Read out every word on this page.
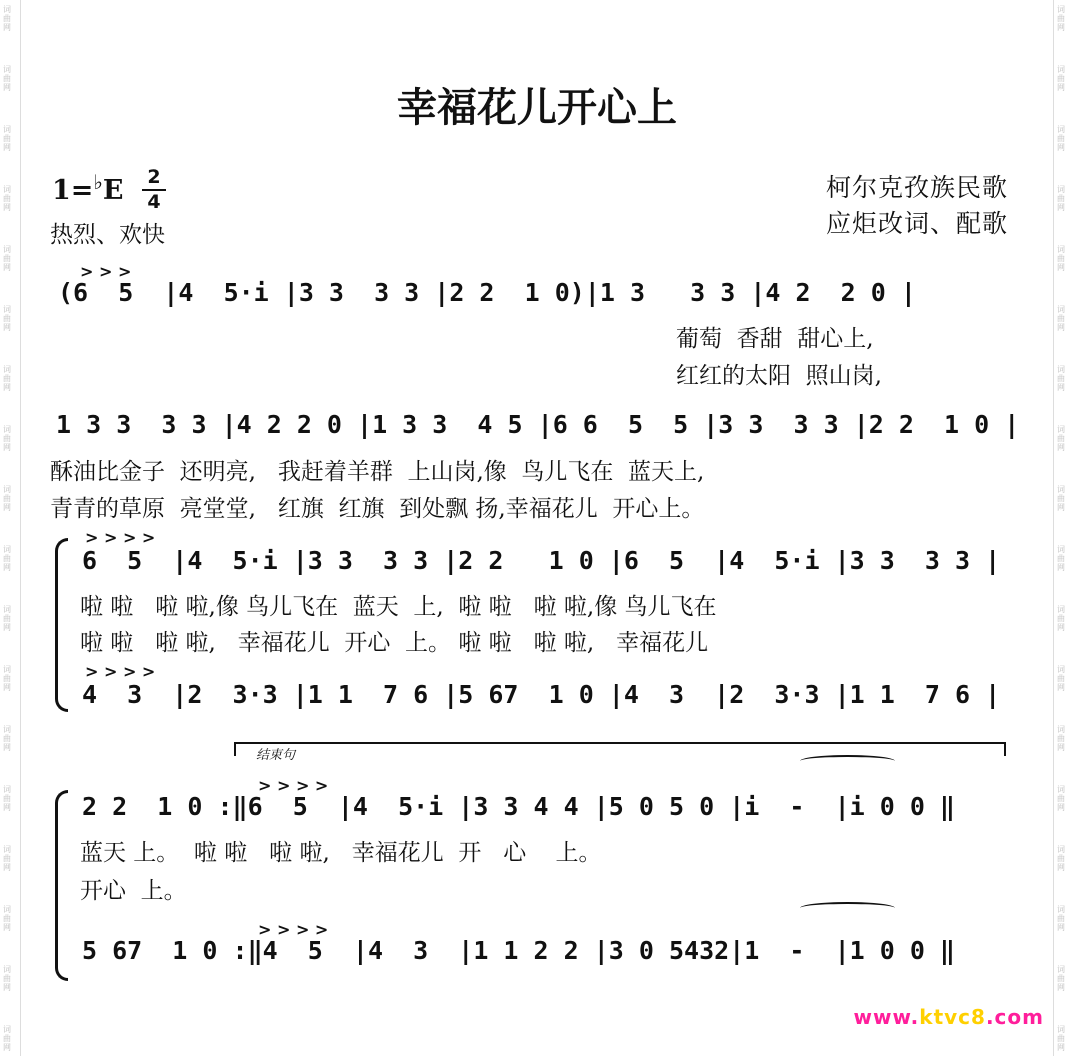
词曲网
词曲网
词曲网
词曲网
词曲网
词曲网
词曲网
词曲网
词曲网
词曲网
词曲网
词曲网
词曲网
词曲网
词曲网
词曲网
词曲网
词曲网
词曲网
词曲网
词曲网
词曲网
词曲网
词曲网
词曲网
词曲网
词曲网
词曲网
词曲网
词曲网
词曲网
词曲网
词曲网
词曲网
词曲网
词曲网
幸福花儿开心上
1=♭E 2
4
热烈、欢快
柯尔克孜族民歌
应炬改词、配歌
> > >
(6  5  |4  5·i |3 3  3 3 |2 2  1 0)|1 3   3 3 |4 2  2 0 |
葡萄  香甜  甜心上,
红红的太阳  照山岗,
1 3 3  3 3 |4 2 2 0 |1 3 3  4 5 |6 6  5  5 |3 3  3 3 |2 2  1 0 |
酥油比金子  还明亮,   我赶着羊群  上山岗,像  鸟儿飞在  蓝天上,
青青的草原  亮堂堂,   红旗  红旗  到处飘 扬,幸福花儿  开心上。
> > > >
6  5  |4  5·i |3 3  3 3 |2 2   1 0 |6  5  |4  5·i |3 3  3 3 |
啦 啦   啦 啦,像 鸟儿飞在  蓝天  上,  啦 啦   啦 啦,像 鸟儿飞在
啦 啦   啦 啦,   幸福花儿  开心  上。 啦 啦   啦 啦,   幸福花儿
> > > >
4  3  |2  3·3 |1 1  7 6 |5 67  1 0 |4  3  |2  3·3 |1 1  7 6 |
结束句
> > > >
2 2  1 0 :‖6  5  |4  5·i |3 3 4 4 |5 0 5 0 |i  -  |i 0 0 ‖
蓝天 上。  啦 啦   啦 啦,   幸福花儿  开   心    上。
开心  上。
> > > >
5 67  1 0 :‖4  5  |4  3  |1 1 2 2 |3 0 5432|1  -  |1 0 0 ‖
www.ktvc8.com
